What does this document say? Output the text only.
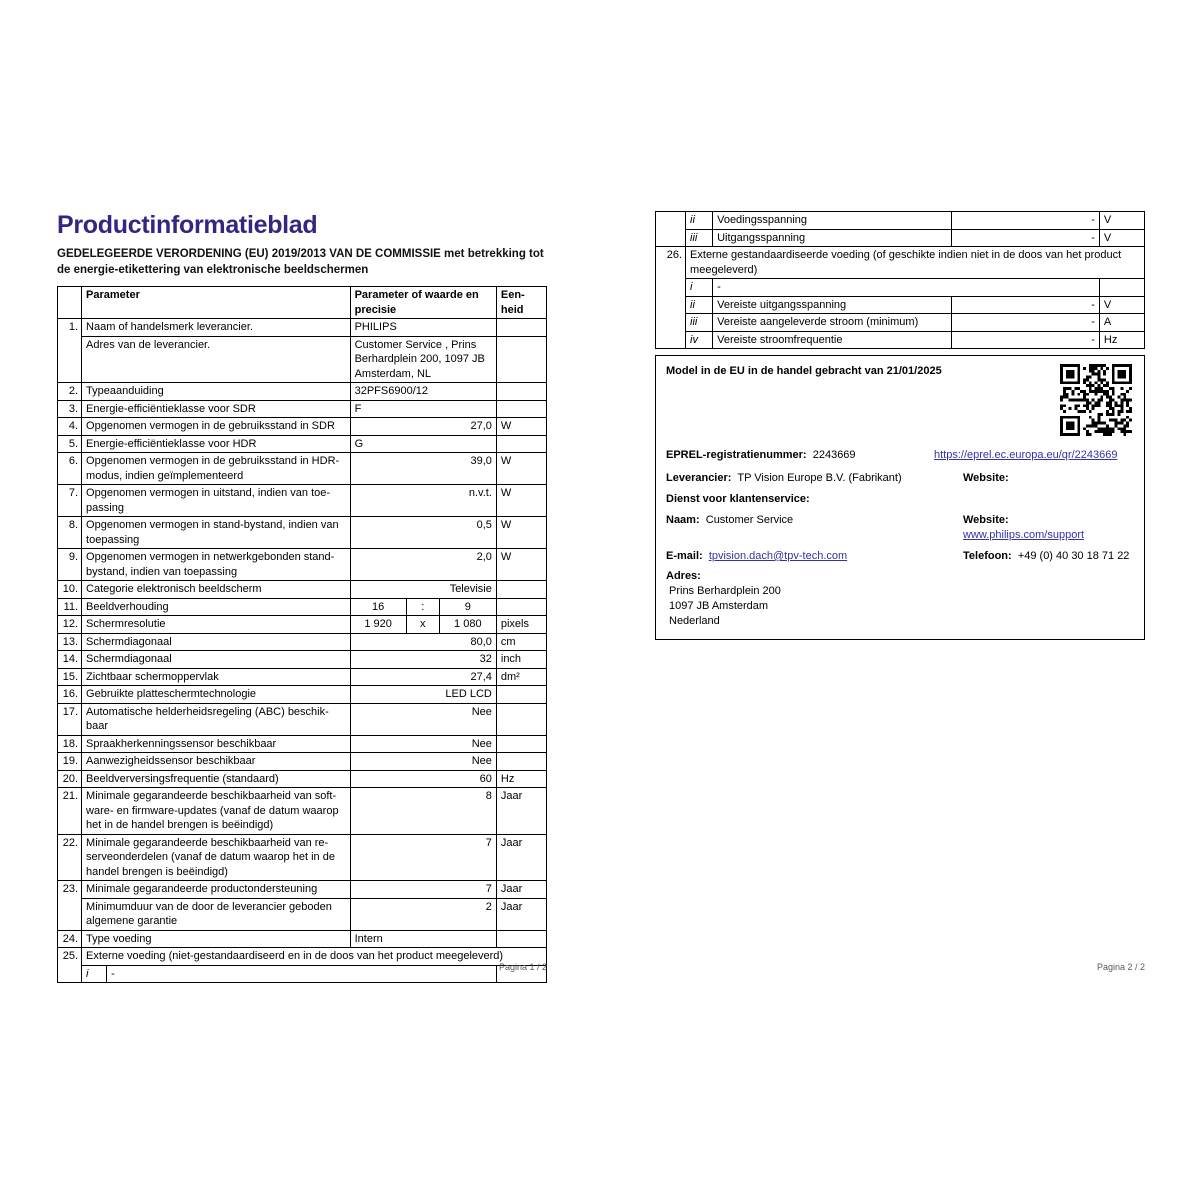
Productinformatieblad
GEDELEGEERDE VERORDENING (EU) 2019/2013 VAN DE COMMISSIE met betrekking tot de energie-etikettering van elektronische beeldschermen
	Parameter		Parameter of waarde en precisie			Een-heid
1.	Naam of handelsmerk leverancier.		PHILIPS			
	Adres van de leverancier.		Customer Service , Prins Berhardplein 200, 1097 JB Amsterdam, NL			
2.	Typeaanduiding		32PFS6900/12			
3.	Energie-efficiëntieklasse voor SDR		F			
4.	Opgenomen vermogen in de gebruiksstand in SDR		27,0			W
5.	Energie-efficiëntieklasse voor HDR		G			
6.	Opgenomen vermogen in de gebruiksstand in HDR-modus, indien geïmplementeerd		39,0			W
7.	Opgenomen vermogen in uitstand, indien van toe-passing		n.v.t.			W
8.	Opgenomen vermogen in stand-bystand, indien van toepassing		0,5			W
9.	Opgenomen vermogen in netwerkgebonden stand-bystand, indien van toepassing		2,0			W
10.	Categorie elektronisch beeldscherm		Televisie			
11.	Beeldverhouding		16	:	9	
12.	Schermresolutie		1 920	x	1 080	pixels
13.	Schermdiagonaal		80,0			cm
14.	Schermdiagonaal		32			inch
15.	Zichtbaar schermoppervlak		27,4			dm²
16.	Gebruikte platteschermtechnologie		LED LCD			
17.	Automatische helderheidsregeling (ABC) beschik-baar		Nee			
18.	Spraakherkenningssensor beschikbaar		Nee			
19.	Aanwezigheidssensor beschikbaar		Nee			
20.	Beeldverversingsfrequentie (standaard)		60			Hz
21.	Minimale gegarandeerde beschikbaarheid van soft-ware- en firmware-updates (vanaf de datum waarop het in de handel brengen is beëindigd)		8			Jaar
22.	Minimale gegarandeerde beschikbaarheid van re-serveonderdelen (vanaf de datum waarop het in de handel brengen is beëindigd)		7			Jaar
23.	Minimale gegarandeerde productondersteuning		7			Jaar
	Minimumduur van de door de leverancier geboden algemene garantie		2			Jaar
24.	Type voeding		Intern			
25.	Externe voeding (niet-gestandaardiseerd en in de doos van het product meegeleverd)					
	i	-				
Pagina 1 / 2
	ii	Voedingsspanning	-	V
	iii	Uitgangsspanning	-	V
26.	Externe gestandaardiseerde voeding (of geschikte indien niet in de doos van het product meegeleverd)			
	i	-		
	ii	Vereiste uitgangsspanning	-	V
	iii	Vereiste aangeleverde stroom (minimum)	-	A
	iv	Vereiste stroomfrequentie	-	Hz
Model in de EU in de handel gebracht van 21/01/2025
EPREL-registratienummer: 2243669	https://eprel.ec.europa.eu/qr/2243669
Leverancier: TP Vision Europe B.V. (Fabrikant)	Website:
Dienst voor klantenservice:
Naam: Customer Service	Website:  www.philips.com/support
E-mail: tpvision.dach@tpv-tech.com	Telefoon: +49 (0) 40 30 18 71 22
Adres:
Prins Berhardplein 200
1097 JB Amsterdam
Nederland
Pagina 2 / 2
